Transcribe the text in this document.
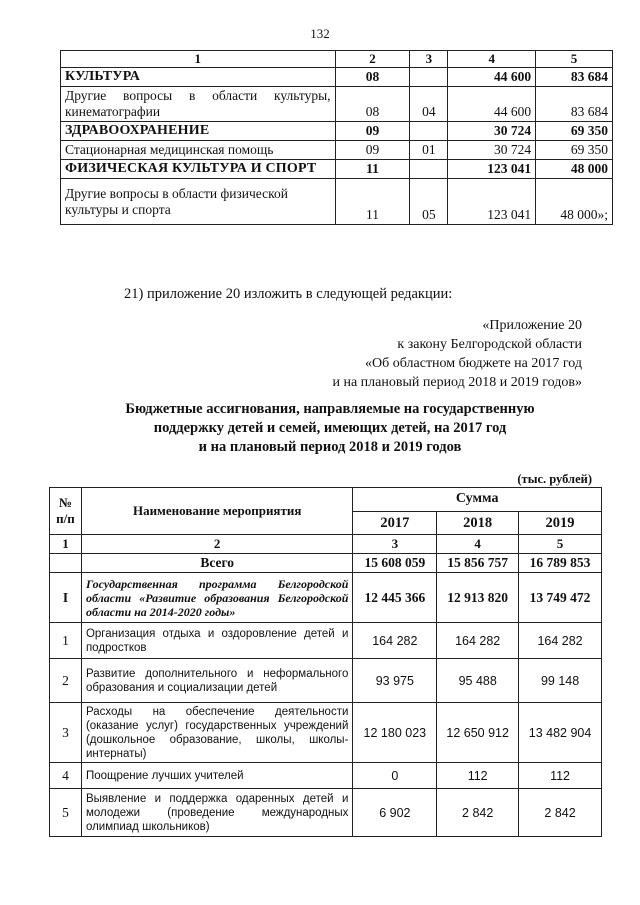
132
1	2	3	4	5
КУЛЬТУРА	08		44 600	83 684
Другие вопросы в области культуры, кинематографии	08	04	44 600	83 684
ЗДРАВООХРАНЕНИЕ	09		30 724	69 350
Стационарная медицинская помощь	09	01	30 724	69 350
ФИЗИЧЕСКАЯ КУЛЬТУРА И СПОРТ	11		123 041	48 000
Другие вопросы в области физической культуры и спорта	11	05	123 041	48 000»;
21) приложение 20 изложить в следующей редакции:
«Приложение 20
к закону Белгородской области
«Об областном бюджете на 2017 год
и на плановый период 2018 и 2019 годов»
Бюджетные ассигнования, направляемые на государственную
поддержку детей и семей, имеющих детей, на 2017 год
и на плановый период 2018 и 2019 годов
(тыс. рублей)
№ п/п	Наименование мероприятия	Сумма		
		2017	2018	2019
1	2	3	4	5
	Всего	15 608 059	15 856 757	16 789 853
I	Государственная программа Белгородской области «Развитие образования Белгородской области на 2014-2020 годы»	12 445 366	12 913 820	13 749 472
1	Организация отдыха и оздоровление детей и подростков	164 282	164 282	164 282
2	Развитие дополнительного и неформального образования и социализации детей	93 975	95 488	99 148
3	Расходы на обеспечение деятельности (оказание услуг) государственных учреждений (дошкольное образование, школы, школы-интернаты)	12 180 023	12 650 912	13 482 904
4	Поощрение лучших учителей	0	112	112
5	Выявление и поддержка одаренных детей и молодежи (проведение международных олимпиад школьников)	6 902	2 842	2 842
